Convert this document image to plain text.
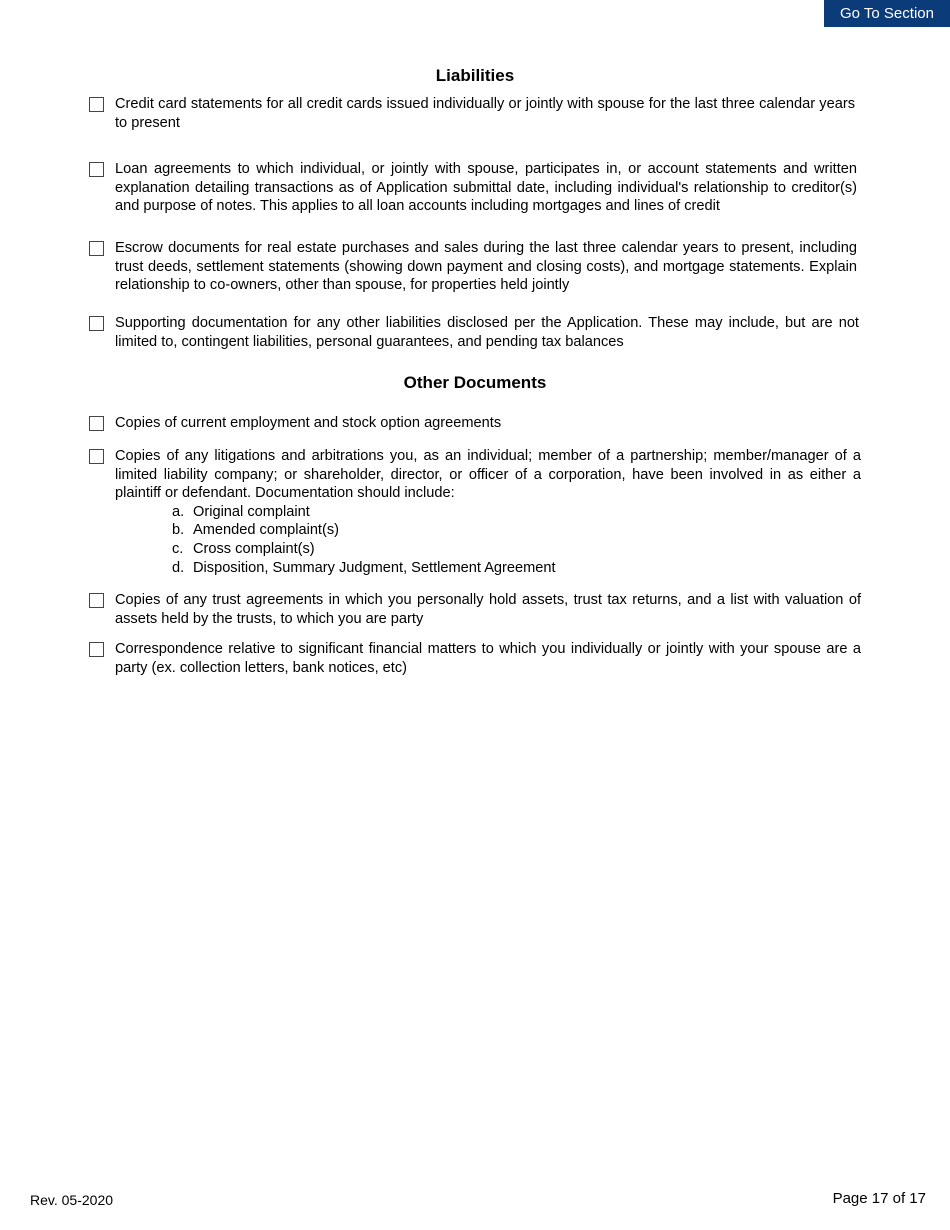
Go To Section
Liabilities
Credit card statements for all credit cards issued individually or jointly with spouse for the last three calendar years to present
Loan agreements to which individual, or jointly with spouse, participates in, or account statements and written explanation detailing transactions as of Application submittal date, including individual's relationship to creditor(s) and purpose of notes. This applies to all loan accounts including mortgages and lines of credit
Escrow documents for real estate purchases and sales during the last three calendar years to present, including trust deeds, settlement statements (showing down payment and closing costs), and mortgage statements. Explain relationship to co-owners, other than spouse, for properties held jointly
Supporting documentation for any other liabilities disclosed per the Application. These may include, but are not limited to, contingent liabilities, personal guarantees, and pending tax balances
Other Documents
Copies of current employment and stock option agreements
Copies of any litigations and arbitrations you, as an individual; member of a partnership; member/manager of a limited liability company; or shareholder, director, or officer of a corporation, have been involved in as either a plaintiff or defendant. Documentation should include:
a. Original complaint
b. Amended complaint(s)
c. Cross complaint(s)
d. Disposition, Summary Judgment, Settlement Agreement
Copies of any trust agreements in which you personally hold assets, trust tax returns, and a list with valuation of assets held by the trusts, to which you are party
Correspondence relative to significant financial matters to which you individually or jointly with your spouse are a party (ex. collection letters, bank notices, etc)
Rev. 05-2020	Page 17 of 17
